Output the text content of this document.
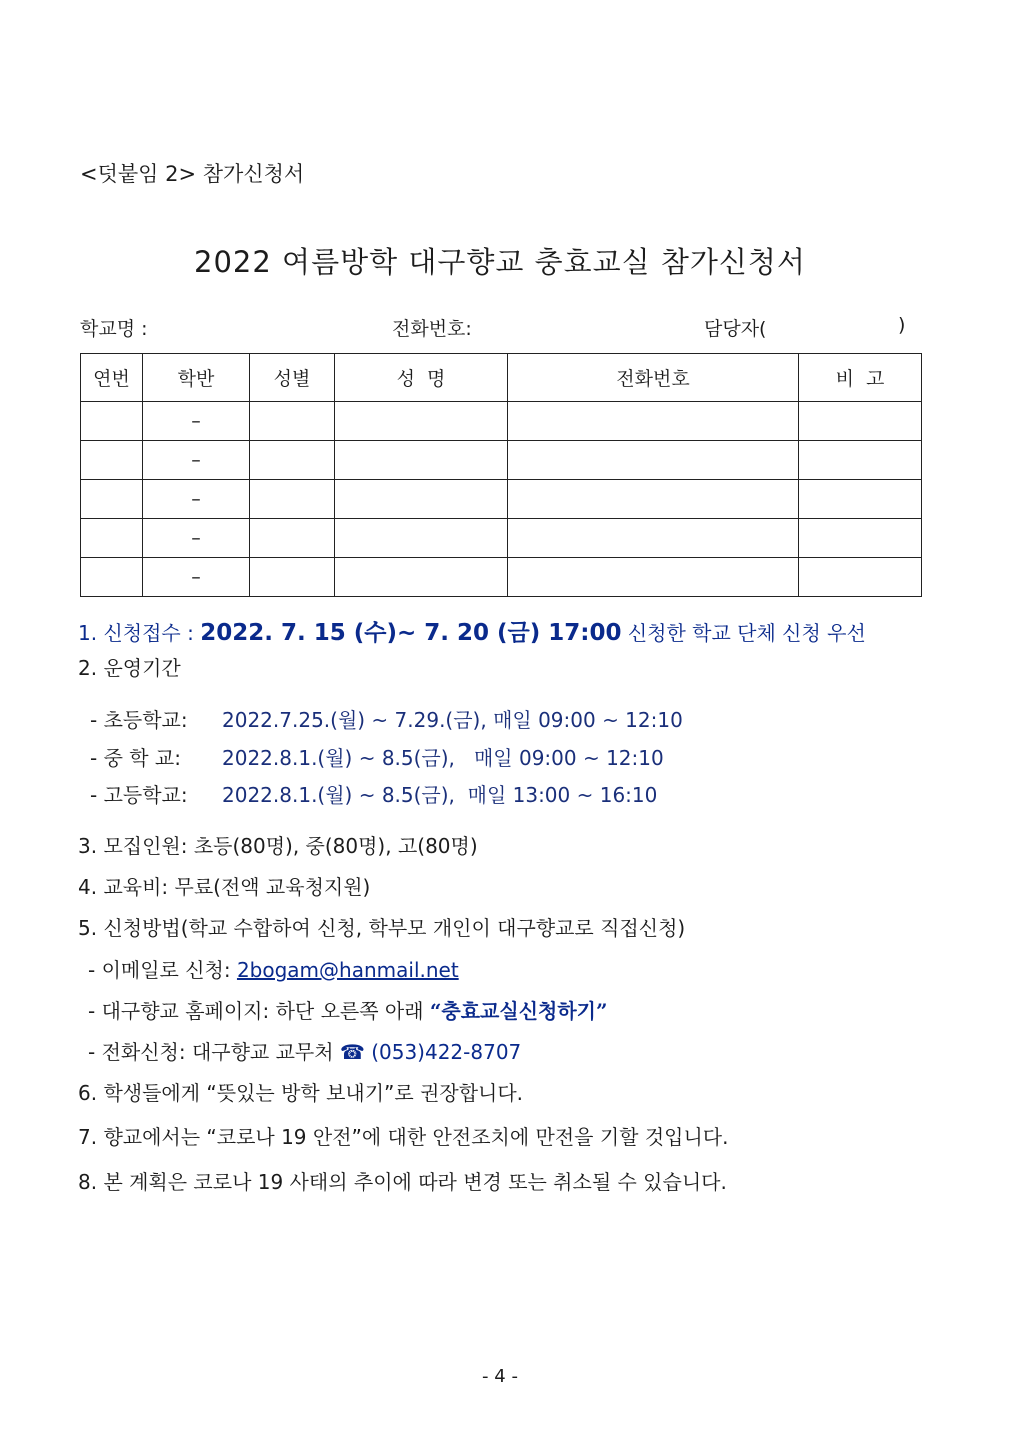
<덧붙임 2> 참가신청서
2022 여름방학 대구향교 충효교실 참가신청서
학교명 :	전화번호:	담당자(	)
연번	학반	성별	성  명	전화번호	비  고
	–				
	–				
	–				
	–				
	–				
1. 신청접수 : 2022. 7. 15 (수)~ 7. 20 (금) 17:00 신청한 학교 단체 신청 우선
2. 운영기간
- 초등학교: 2022.7.25.(월) ~ 7.29.(금), 매일 09:00 ~ 12:10
- 중 학 교: 2022.8.1.(월) ~ 8.5(금),   매일 09:00 ~ 12:10
- 고등학교: 2022.8.1.(월) ~ 8.5(금),  매일 13:00 ~ 16:10
3. 모집인원: 초등(80명), 중(80명), 고(80명)
4. 교육비: 무료(전액 교육청지원)
5. 신청방법(학교 수합하여 신청, 학부모 개인이 대구향교로 직접신청)
- 이메일로 신청: 2bogam@hanmail.net
- 대구향교 홈페이지: 하단 오른쪽 아래 “충효교실신청하기”
- 전화신청: 대구향교 교무처 ☎ (053)422-8707
6. 학생들에게 “뜻있는 방학 보내기”로 권장합니다.
7. 향교에서는 “코로나 19 안전”에 대한 안전조치에 만전을 기할 것입니다.
8. 본 계획은 코로나 19 사태의 추이에 따라 변경 또는 취소될 수 있습니다.
- 4 -
